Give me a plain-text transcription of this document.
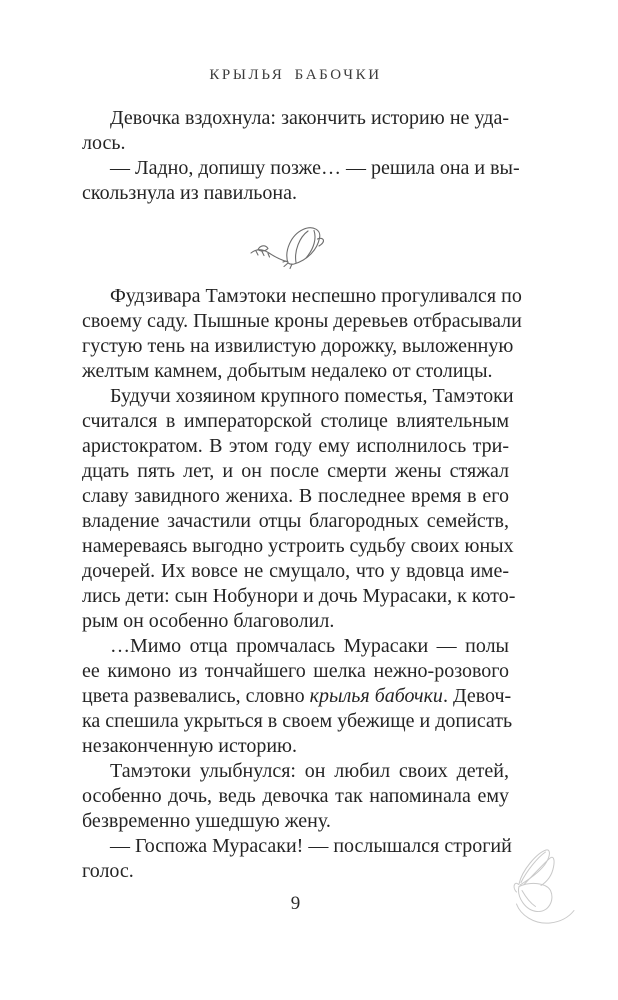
КРЫЛЬЯ БАБОЧКИ
Девочка вздохнула: закончить историю не уда-
лось.
— Ладно, допишу позже… — решила она и вы-
скользнула из павильона.
Фудзивара Тамэтоки неспешно прогуливался по
своему саду. Пышные кроны деревьев отбрасывали
густую тень на извилистую дорожку, выложенную
желтым камнем, добытым недалеко от столицы.
Будучи хозяином крупного поместья, Тамэтоки
считался в императорской столице влиятельным
аристократом. В этом году ему исполнилось три-
дцать пять лет, и он после смерти жены стяжал
славу завидного жениха. В последнее время в его
владение зачастили отцы благородных семейств,
намереваясь выгодно устроить судьбу своих юных
дочерей. Их вовсе не смущало, что у вдовца име-
лись дети: сын Нобунори и дочь Мурасаки, к кото-
рым он особенно благоволил.
…Мимо отца промчалась Мурасаки — полы
ее кимоно из тончайшего шелка нежно-розового
цвета развевались, словно крылья бабочки. Девоч-
ка спешила укрыться в своем убежище и дописать
незаконченную историю.
Тамэтоки улыбнулся: он любил своих детей,
особенно дочь, ведь девочка так напоминала ему
безвременно ушедшую жену.
— Госпожа Мурасаки! — послышался строгий
голос.
9
